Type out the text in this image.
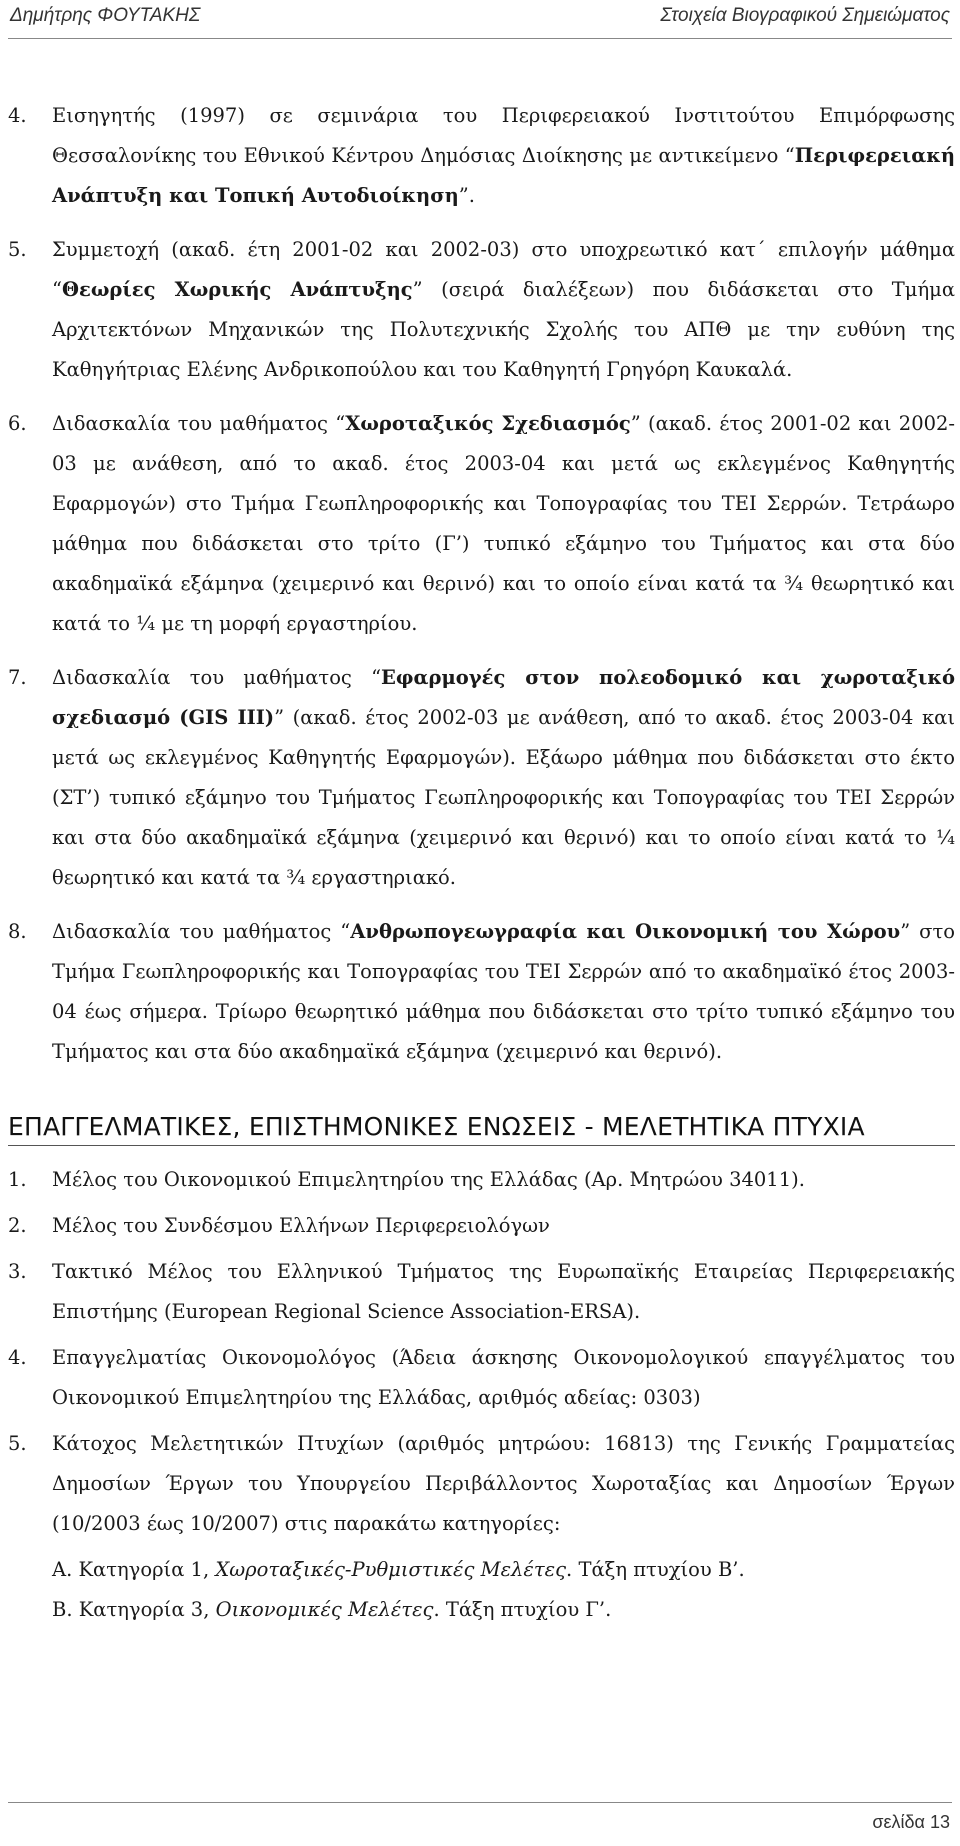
Δημήτρης ΦΟΥΤΑΚΗΣ	Στοιχεία Βιογραφικού Σημειώματος
4. Εισηγητής (1997) σε σεμινάρια του Περιφερειακού Ινστιτούτου Επιμόρφωσης Θεσσαλονίκης του Εθνικού Κέντρου Δημόσιας Διοίκησης με αντικείμενο “Περιφερειακή Ανάπτυξη και Τοπική Αυτοδιοίκηση”.
5. Συμμετοχή (ακαδ. έτη 2001-02 και 2002-03) στο υποχρεωτικό κατ΄ επιλογήν μάθημα “Θεωρίες Χωρικής Ανάπτυξης” (σειρά διαλέξεων) που διδάσκεται στο Τμήμα Αρχιτεκτόνων Μηχανικών της Πολυτεχνικής Σχολής του ΑΠΘ με την ευθύνη της Καθηγήτριας Ελένης Ανδρικοπούλου και του Καθηγητή Γρηγόρη Καυκαλά.
6. Διδασκαλία του μαθήματος “Χωροταξικός Σχεδιασμός” (ακαδ. έτος 2001-02 και 2002-03 με ανάθεση, από το ακαδ. έτος 2003-04 και μετά ως εκλεγμένος Καθηγητής Εφαρμογών) στο Τμήμα Γεωπληροφορικής και Τοπογραφίας του ΤΕΙ Σερρών. Τετράωρο μάθημα που διδάσκεται στο τρίτο (Γ’) τυπικό εξάμηνο του Τμήματος και στα δύο ακαδημαϊκά εξάμηνα (χειμερινό και θερινό) και το οποίο είναι κατά τα ¾ θεωρητικό και κατά το ¼ με τη μορφή εργαστηρίου.
7. Διδασκαλία του μαθήματος “Εφαρμογές στον πολεοδομικό και χωροταξικό σχεδιασμό (GIS III)” (ακαδ. έτος 2002-03 με ανάθεση, από το ακαδ. έτος 2003-04 και μετά ως εκλεγμένος Καθηγητής Εφαρμογών). Εξάωρο μάθημα που διδάσκεται στο έκτο (ΣΤ’) τυπικό εξάμηνο του Τμήματος Γεωπληροφορικής και Τοπογραφίας του ΤΕΙ Σερρών και στα δύο ακαδημαϊκά εξάμηνα (χειμερινό και θερινό) και το οποίο είναι κατά το ¼ θεωρητικό και κατά τα ¾ εργαστηριακό.
8. Διδασκαλία του μαθήματος “Ανθρωπογεωγραφία και Οικονομική του Χώρου” στο Τμήμα Γεωπληροφορικής και Τοπογραφίας του ΤΕΙ Σερρών από το ακαδημαϊκό έτος 2003-04 έως σήμερα. Τρίωρο θεωρητικό μάθημα που διδάσκεται στο τρίτο τυπικό εξάμηνο του Τμήματος και στα δύο ακαδημαϊκά εξάμηνα (χειμερινό και θερινό).
ΕΠΑΓΓΕΛΜΑΤΙΚΕΣ, ΕΠΙΣΤΗΜΟΝΙΚΕΣ ΕΝΩΣΕΙΣ - ΜΕΛΕΤΗΤΙΚΑ ΠΤΥΧΙΑ
1. Μέλος του Οικονομικού Επιμελητηρίου της Ελλάδας (Αρ. Μητρώου 34011).
2. Μέλος του Συνδέσμου Ελλήνων Περιφερειολόγων
3. Τακτικό Μέλος του Ελληνικού Τμήματος της Ευρωπαϊκής Εταιρείας Περιφερειακής Επιστήμης (European Regional Science Association-ERSA).
4. Επαγγελματίας Οικονομολόγος (Άδεια άσκησης Οικονομολογικού επαγγέλματος του Οικονομικού Επιμελητηρίου της Ελλάδας, αριθμός αδείας: 0303)
5. Κάτοχος Μελετητικών Πτυχίων (αριθμός μητρώου: 16813) της Γενικής Γραμματείας Δημοσίων Έργων του Υπουργείου Περιβάλλοντος Χωροταξίας και Δημοσίων Έργων (10/2003 έως 10/2007) στις παρακάτω κατηγορίες:
Α. Κατηγορία 1, Χωροταξικές-Ρυθμιστικές Μελέτες. Τάξη πτυχίου Β’.
Β. Κατηγορία 3, Οικονομικές Μελέτες. Τάξη πτυχίου Γ’.
σελίδα 13
